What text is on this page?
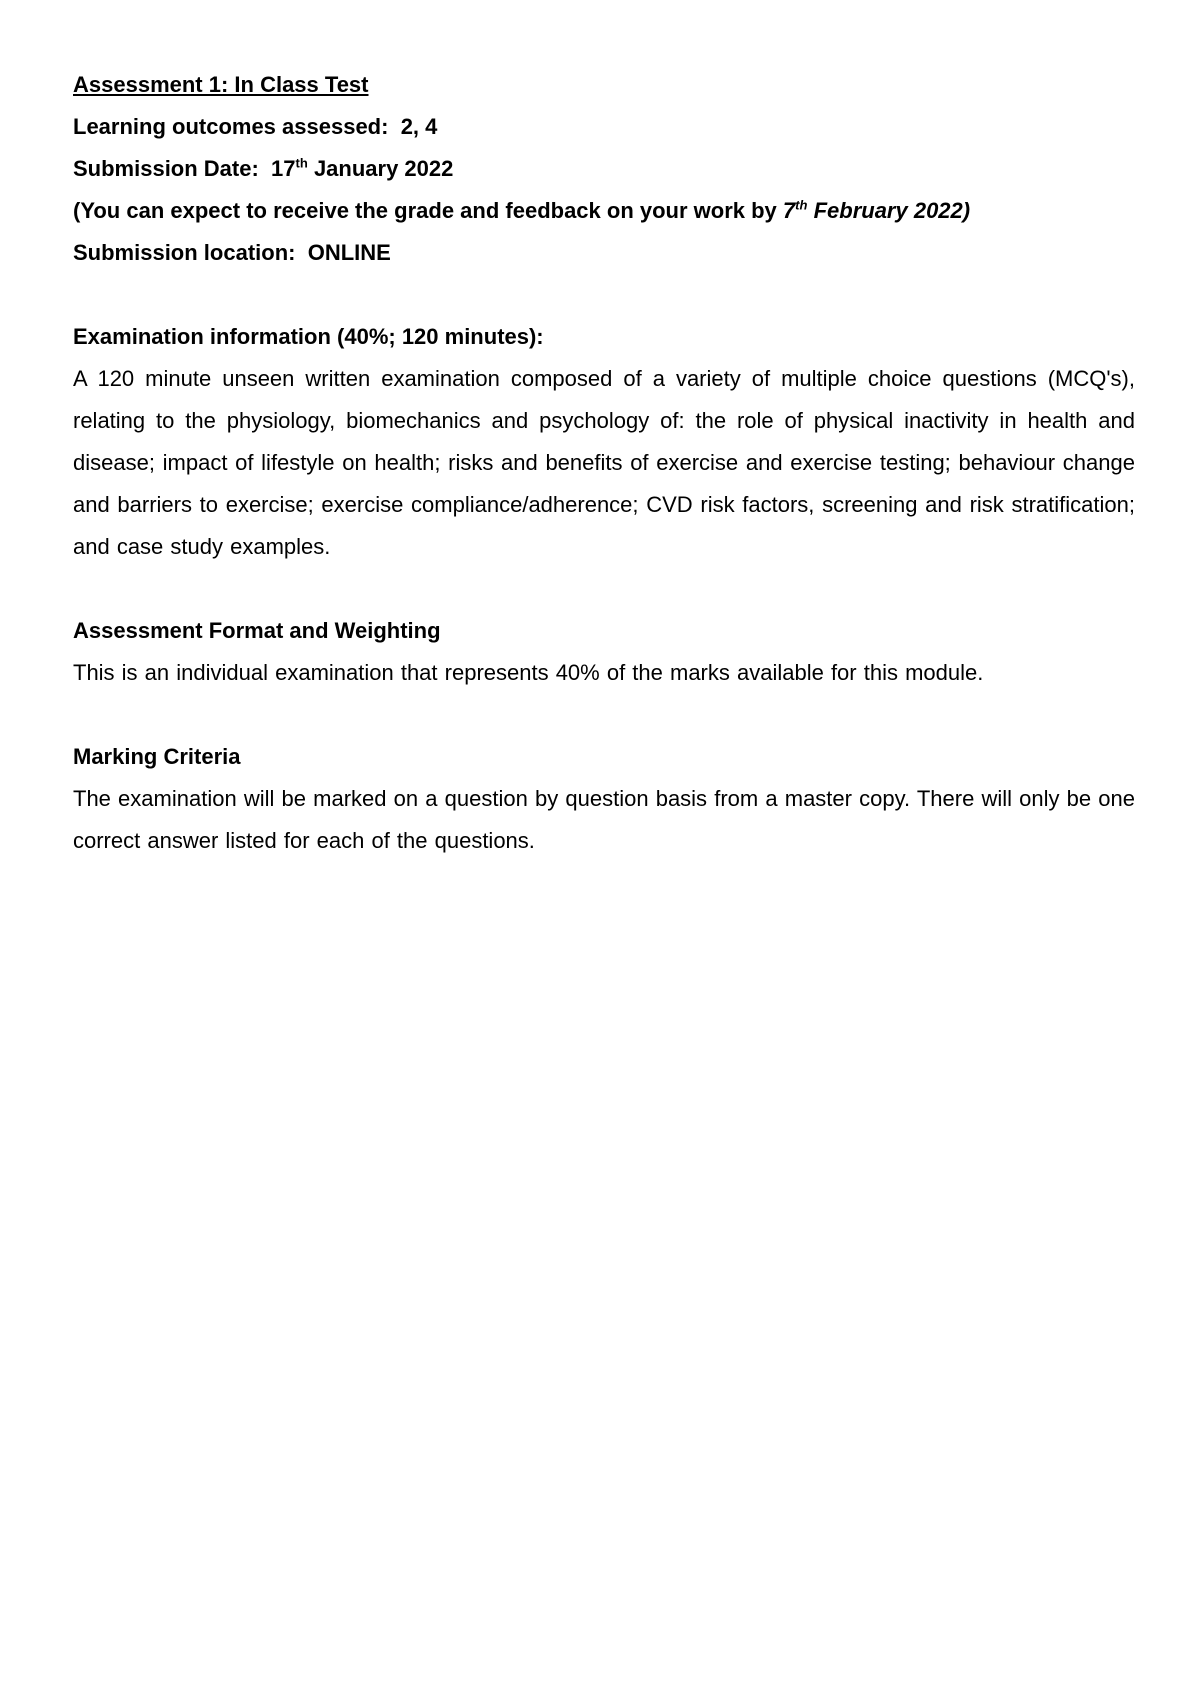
Assessment 1: In Class Test

Learning outcomes assessed: 2, 4

Submission Date: 17th January 2022

(You can expect to receive the grade and feedback on your work by 7th February 2022)

Submission location: ONLINE

Examination information (40%; 120 minutes):

A 120 minute unseen written examination composed of a variety of multiple choice questions (MCQ's), relating to the physiology, biomechanics and psychology of: the role of physical inactivity in health and disease; impact of lifestyle on health; risks and benefits of exercise and exercise testing; behaviour change and barriers to exercise; exercise compliance/adherence; CVD risk factors, screening and risk stratification; and case study examples.

Assessment Format and Weighting

This is an individual examination that represents 40% of the marks available for this module.

Marking Criteria

The examination will be marked on a question by question basis from a master copy. There will only be one correct answer listed for each of the questions.
